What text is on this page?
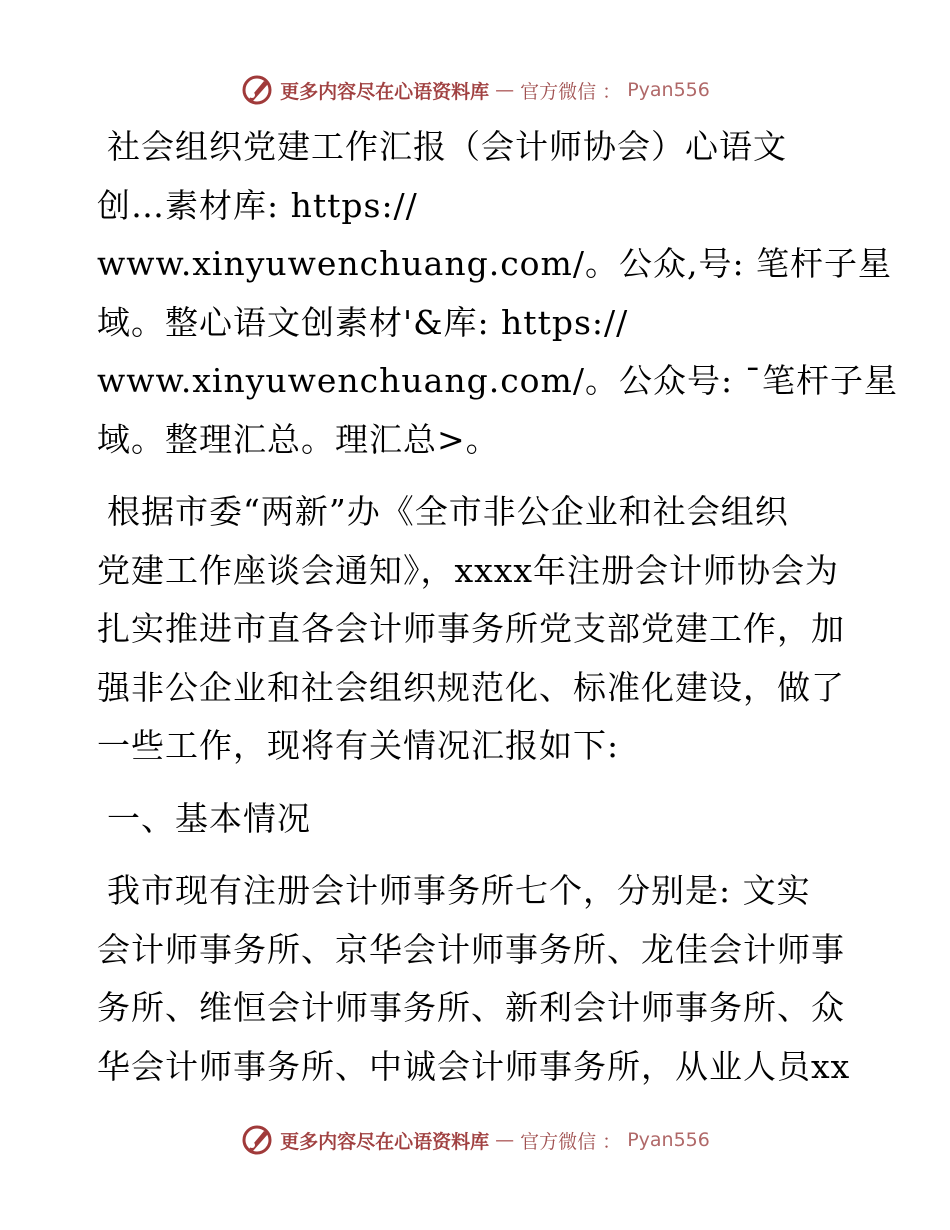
更多内容尽在心语资料库 — 官方微信 ： Pyan556
社会组织党建工作汇报（会计师协会）心语文
创…素材库: https://
www.xinyuwenchuang.com/。公众,号: 笔杆子星
域。整心语文创素材'&库: https://
www.xinyuwenchuang.com/。公众号: ¯笔杆子星
域。整理汇总。理汇总>。
根据市委“两新”办《全市非公企业和社会组织
党建工作座谈会通知》，xxxx年注册会计师协会为
扎实推进市直各会计师事务所党支部党建工作，加
强非公企业和社会组织规范化、标准化建设，做了
一些工作，现将有关情况汇报如下:
一、基本情况
我市现有注册会计师事务所七个，分别是: 文实
会计师事务所、京华会计师事务所、龙佳会计师事
务所、维恒会计师事务所、新利会计师事务所、众
华会计师事务所、中诚会计师事务所，从业人员xx
更多内容尽在心语资料库 — 官方微信 ： Pyan556
